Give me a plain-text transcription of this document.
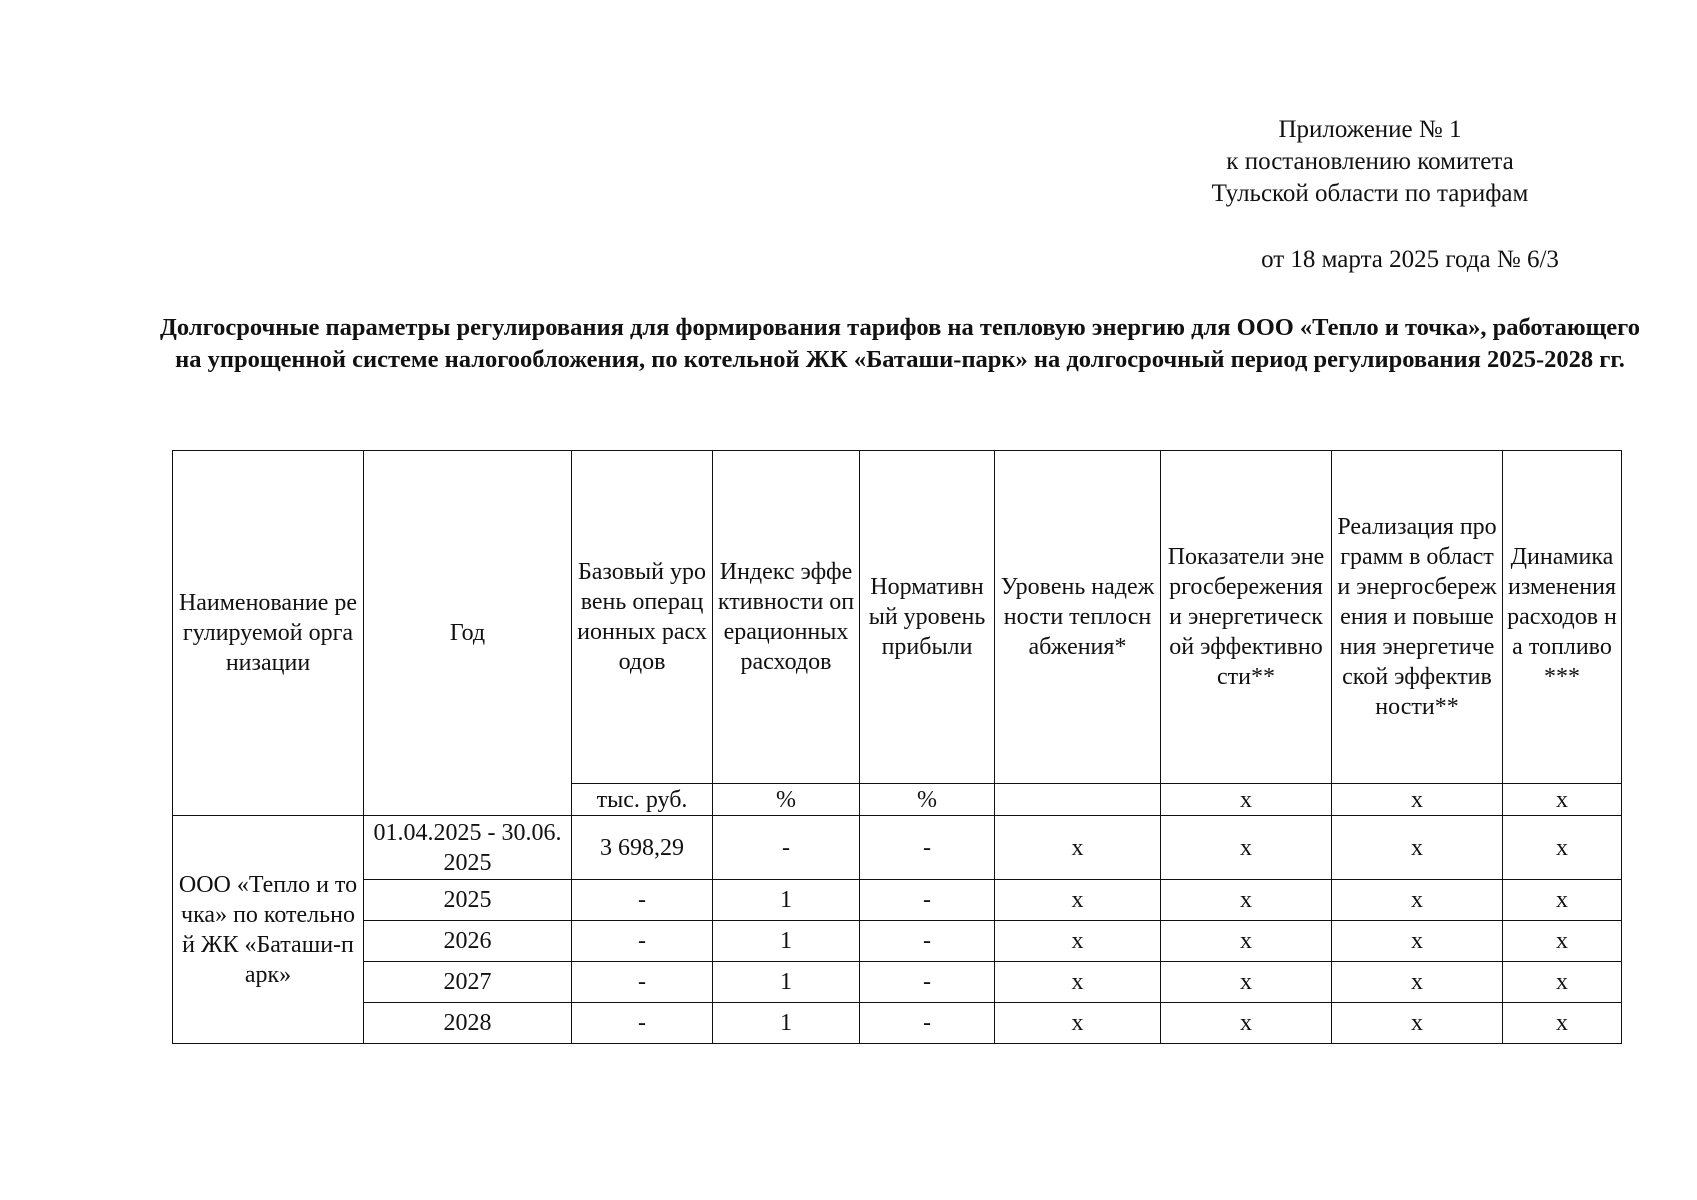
Приложение № 1
к постановлению комитета
Тульской области по тарифам
от 18 марта 2025 года № 6/3
Долгосрочные параметры регулирования для формирования тарифов на тепловую энергию для ООО «Тепло и точка», работающего на упрощенной системе налогообложения, по котельной ЖК «Баташи-парк» на долгосрочный период регулирования 2025-2028 гг.
Наименование регулируемой организации	Год	Базовый уровень операционных расходов	Индекс эффективности операционных расходов	Нормативный уровень прибыли	Уровень надежности теплоснабжения*	Показатели энергосбережения и энергетической эффективности**	Реализация программ в области энергосбережения и повышения энергетической эффективности**	Динамика изменения расходов на топливо***
		тыс. руб.	%	%		х	х	х
ООО «Тепло и точка» по котельной ЖК «Баташи-парк»	01.04.2025 - 30.06.2025	3 698,29	-	-	х	х	х	х
	2025	-	1	-	х	х	х	х
	2026	-	1	-	х	х	х	х
	2027	-	1	-	х	х	х	х
	2028	-	1	-	х	х	х	х
